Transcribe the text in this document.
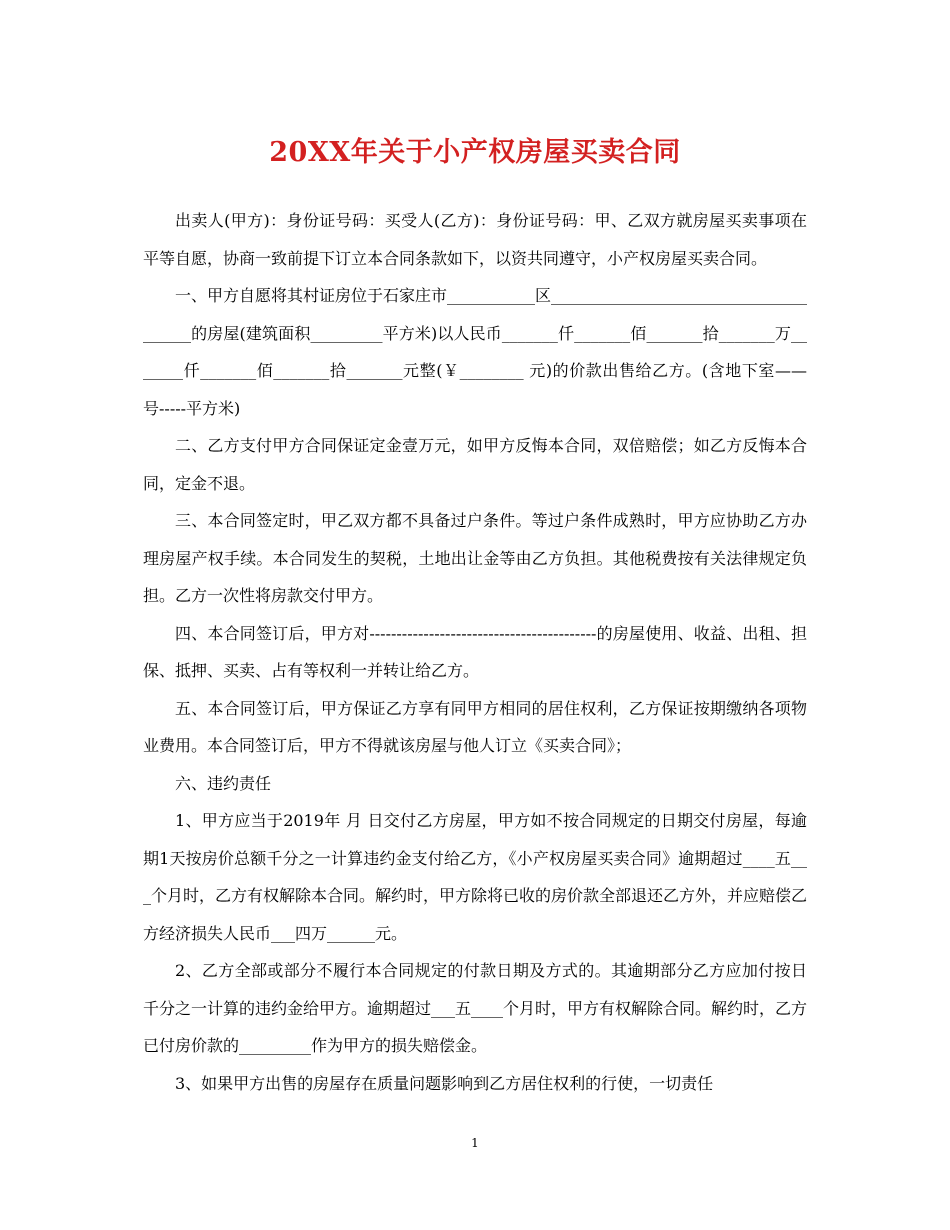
20XX年关于小产权房屋买卖合同

出卖人(甲方)：身份证号码：买受人(乙方)：身份证号码：甲、乙双方就房屋买卖事项在平等自愿，协商一致前提下订立本合同条款如下，以资共同遵守，小产权房屋买卖合同。

一、甲方自愿将其村证房位于石家庄市___________区______________________________________的房屋(建筑面积_________平方米)以人民币_______仟_______佰_______拾_______万_______仟_______佰_______拾_______元整(￥________ 元)的价款出售给乙方。(含地下室——号-----平方米)

二、乙方支付甲方合同保证定金壹万元，如甲方反悔本合同，双倍赔偿；如乙方反悔本合同，定金不退。

三、本合同签定时，甲乙双方都不具备过户条件。等过户条件成熟时，甲方应协助乙方办理房屋产权手续。本合同发生的契税，土地出让金等由乙方负担。其他税费按有关法律规定负担。乙方一次性将房款交付甲方。

四、本合同签订后，甲方对------------------------------------------的房屋使用、收益、出租、担保、抵押、买卖、占有等权利一并转让给乙方。

五、本合同签订后，甲方保证乙方享有同甲方相同的居住权利，乙方保证按期缴纳各项物业费用。本合同签订后，甲方不得就该房屋与他人订立《买卖合同》；

六、违约责任

1、甲方应当于2019年 月 日交付乙方房屋，甲方如不按合同规定的日期交付房屋，每逾期1天按房价总额千分之一计算违约金支付给乙方，《小产权房屋买卖合同》逾期超过____五___个月时，乙方有权解除本合同。解约时，甲方除将已收的房价款全部退还乙方外，并应赔偿乙方经济损失人民币___四万______元。

2、乙方全部或部分不履行本合同规定的付款日期及方式的。其逾期部分乙方应加付按日千分之一计算的违约金给甲方。逾期超过___五____个月时，甲方有权解除合同。解约时，乙方已付房价款的_________作为甲方的损失赔偿金。

3、如果甲方出售的房屋存在质量问题影响到乙方居住权利的行使，一切责任

1
